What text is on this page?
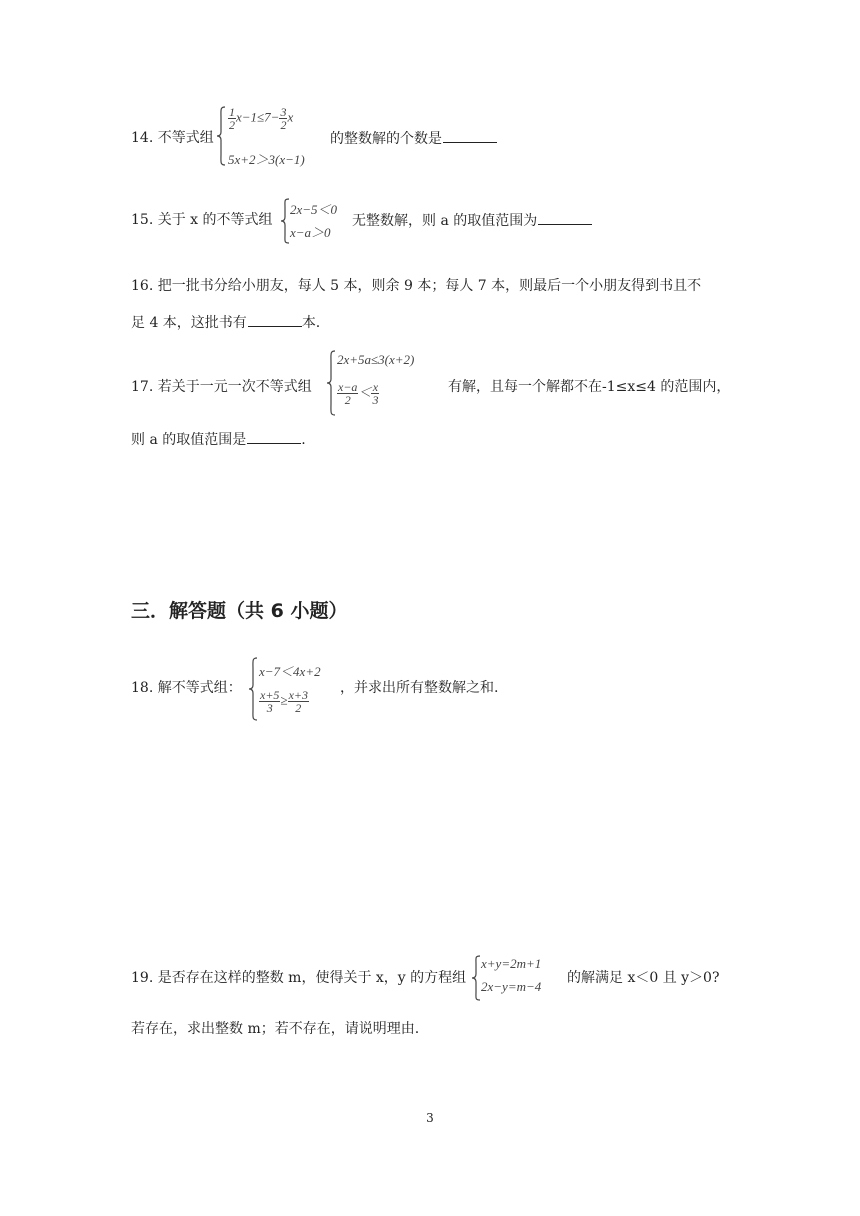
14. 不等式组
$\frac{1}{2} x-1\le 7- \frac{3}{2}$ x
5x+2＞3(x−1)
的整数解的个数是
15. 关于 x 的不等式组
2x−5＜0
x−a＞0
无整数解，则 a 的取值范围为
16. 把一批书分给小朋友，每人 5 本，则余 9 本；每人 7 本，则最后一个小朋友得到书且不
足 4 本，这批书有	本.
17. 若关于一元一次不等式组
2x+5a≤3(x+2)
$\frac{x-a}{2} < \frac{x}{3}$	有解，且每一个解都不在-1≤x≤4 的范围内，
则 a 的取值范围是	.
三．解答题（共 6 小题）
18. 解不等式组：
x−7＜4x+2
$\frac{x+5}{3} \ge \frac{x+3}{2}$
，并求出所有整数解之和.
19. 是否存在这样的整数 m，使得关于 x，y 的方程组
x+y=2m+1
2x−y=m−4
的解满足 x＜0 且 y＞0?
若存在，求出整数 m；若不存在，请说明理由.
3
